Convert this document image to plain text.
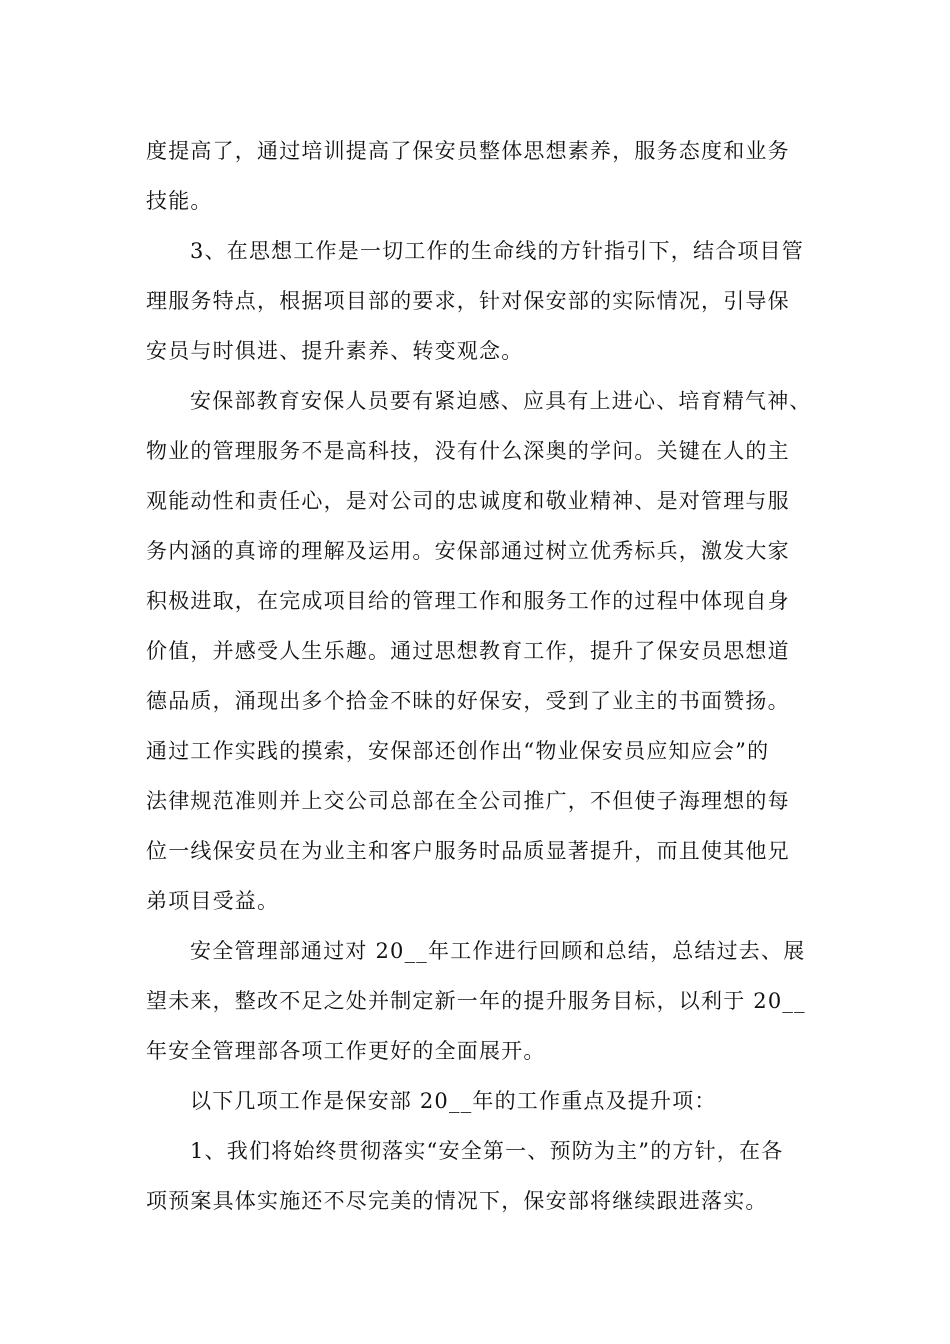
度提高了，通过培训提高了保安员整体思想素养，服务态度和业务
技能。
3、在思想工作是一切工作的生命线的方针指引下，结合项目管
理服务特点，根据项目部的要求，针对保安部的实际情况，引导保
安员与时俱进、提升素养、转变观念。
安保部教育安保人员要有紧迫感、应具有上进心、培育精气神、
物业的管理服务不是高科技，没有什么深奥的学问。关键在人的主
观能动性和责任心，是对公司的忠诚度和敬业精神、是对管理与服
务内涵的真谛的理解及运用。安保部通过树立优秀标兵，激发大家
积极进取，在完成项目给的管理工作和服务工作的过程中体现自身
价值，并感受人生乐趣。通过思想教育工作，提升了保安员思想道
德品质，涌现出多个拾金不昧的好保安，受到了业主的书面赞扬。
通过工作实践的摸索，安保部还创作出“物业保安员应知应会”的
法律规范准则并上交公司总部在全公司推广，不但使子海理想的每
位一线保安员在为业主和客户服务时品质显著提升，而且使其他兄
弟项目受益。
安全管理部通过对 20__年工作进行回顾和总结，总结过去、展
望未来，整改不足之处并制定新一年的提升服务目标，以利于 20__
年安全管理部各项工作更好的全面展开。
以下几项工作是保安部 20__年的工作重点及提升项：
1、我们将始终贯彻落实“安全第一、预防为主”的方针，在各
项预案具体实施还不尽完美的情况下，保安部将继续跟进落实。
